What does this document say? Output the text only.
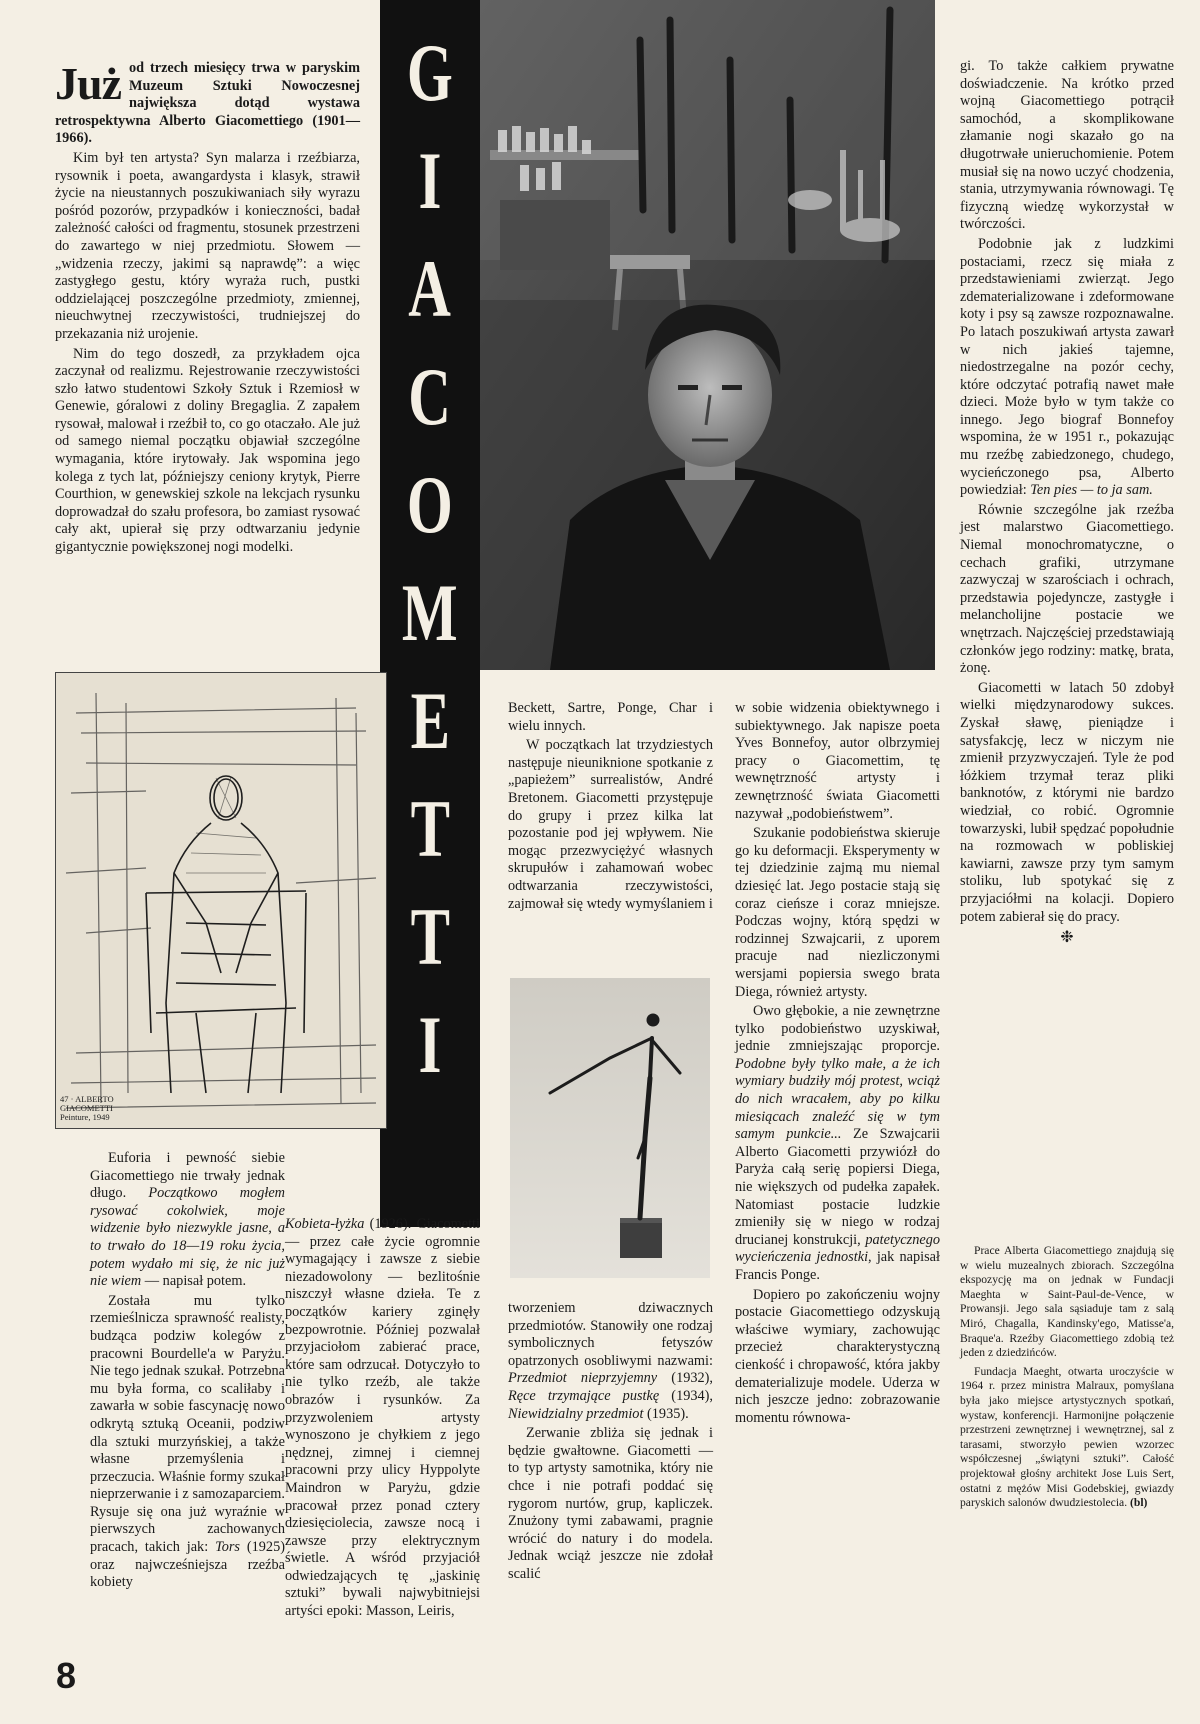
Już od trzech miesięcy trwa w paryskim Muzeum Sztuki Nowoczesnej największa dotąd wystawa retrospektywna Alberto Giacomettiego (1901—1966).

Kim był ten artysta? Syn malarza i rzeźbiarza, rysownik i poeta, awangardysta i klasyk, strawił życie na nieustannych poszukiwaniach siły wyrazu pośród pozorów, przypadków i konieczności, badał zależność całości od fragmentu, stosunek przestrzeni do zawartego w niej przedmiotu. Słowem — „widzenia rzeczy, jakimi są naprawdę”: a więc zastygłego gestu, który wyraża ruch, pustki oddzielającej poszczególne przedmioty, zmiennej, nieuchwytnej rzeczywistości, trudniejszej do przekazania niż urojenie.

Nim do tego doszedł, za przykładem ojca zaczynał od realizmu. Rejestrowanie rzeczywistości szło łatwo studentowi Szkoły Sztuk i Rzemiosł w Genewie, góralowi z doliny Bregaglia. Z zapałem rysował, malował i rzeźbił to, co go otaczało. Ale już od samego niemal początku objawiał szczególne wymagania, które irytowały. Jak wspomina jego kolega z tych lat, późniejszy ceniony krytyk, Pierre Courthion, w genewskiej szkole na lekcjach rysunku doprowadzał do szału profesora, bo zamiast rysować cały akt, upierał się przy odtwarzaniu jedynie gigantycznie powiększonej nogi modelki.

G
I
A
C
O
M
E
T
T
I

gi. To także całkiem prywatne doświadczenie. Na krótko przed wojną Giacomettiego potrącił samochód, a skomplikowane złamanie nogi skazało go na długotrwałe unieruchomienie. Potem musiał się na nowo uczyć chodzenia, stania, utrzymywania równowagi. Tę fizyczną wiedzę wykorzystał w twórczości.

Podobnie jak z ludzkimi postaciami, rzecz się miała z przedstawieniami zwierząt. Jego zdematerializowane i zdeformowane koty i psy są zawsze rozpoznawalne. Po latach poszukiwań artysta zawarł w nich jakieś tajemne, niedostrzegalne na pozór cechy, które odczytać potrafią nawet małe dzieci. Może było w tym także co innego. Jego biograf Bonnefoy wspomina, że w 1951 r., pokazując mu rzeźbę zabiedzonego, chudego, wycieńczonego psa, Alberto powiedział: Ten pies — to ja sam.

Równie szczególne jak rzeźba jest malarstwo Giacomettiego. Niemal monochromatyczne, o cechach grafiki, utrzymane zazwyczaj w szarościach i ochrach, przedstawia pojedyncze, zastygłe i melancholijne postacie we wnętrzach. Najczęściej przedstawiają członków jego rodziny: matkę, brata, żonę.

Giacometti w latach 50 zdobył wielki międzynarodowy sukces. Zyskał sławę, pieniądze i satysfakcję, lecz w niczym nie zmienił przyzwyczajeń. Tyle że pod łóżkiem trzymał teraz pliki banknotów, z którymi nie bardzo wiedział, co robić. Ogromnie towarzyski, lubił spędzać popołudnie na rozmowach w pobliskiej kawiarni, zawsze przy tym samym stoliku, lub spotykać się z przyjaciółmi na kolacji. Dopiero potem zabierał się do pracy.

❉

Prace Alberta Giacomettiego znajdują się w wielu muzealnych zbiorach. Szczególna ekspozycję ma on jednak w Fundacji Maeghta w Saint-Paul-de-Vence, w Prowansji. Jego sala sąsiaduje tam z salą Miró, Chagalla, Kandinsky'ego, Matisse'a, Braque'a. Rzeźby Giacomettiego zdobią też jeden z dziedzińców.

Fundacja Maeght, otwarta uroczyście w 1964 r. przez ministra Malraux, pomyślana była jako miejsce artystycznych spotkań, wystaw, konferencji. Harmonijne połączenie przestrzeni zewnętrznej i wewnętrznej, sal z tarasami, stworzyło pewien wzorzec współczesnej „świątyni sztuki”. Całość projektował głośny architekt Jose Luis Sert, ostatni z mężów Misi Godebskiej, gwiazdy paryskich salonów dwudziestolecia. (bl)

47 · ALBERTO
GIACOMETTI
Peinture, 1949

Beckett, Sartre, Ponge, Char i wielu innych.

W początkach lat trzydziestych następuje nieuniknione spotkanie z „papieżem” surrealistów, André Bretonem. Giacometti przystępuje do grupy i przez kilka lat pozostanie pod jej wpływem. Nie mogąc przezwyciężyć własnych skrupułów i zahamowań wobec odtwarzania rzeczywistości, zajmował się wtedy wymyślaniem i

tworzeniem dziwacznych przedmiotów. Stanowiły one rodzaj symbolicznych fetyszów opatrzonych osobliwymi nazwami: Przedmiot nieprzyjemny (1932), Ręce trzymające pustkę (1934), Niewidzialny przedmiot (1935).

Zerwanie zbliża się jednak i będzie gwałtowne. Giacometti — to typ artysty samotnika, który nie chce i nie potrafi poddać się rygorom nurtów, grup, kapliczek. Znużony tymi zabawami, pragnie wrócić do natury i do modela. Jednak wciąż jeszcze nie zdołał scalić

w sobie widzenia obiektywnego i subiektywnego. Jak napisze poeta Yves Bonnefoy, autor olbrzymiej pracy o Giacomettim, tę wewnętrzność artysty i zewnętrzność świata Giacometti nazywał „podobieństwem”.

Szukanie podobieństwa skieruje go ku deformacji. Eksperymenty w tej dziedzinie zajmą mu niemal dziesięć lat. Jego postacie stają się coraz cieńsze i coraz mniejsze. Podczas wojny, którą spędzi w rodzinnej Szwajcarii, z uporem pracuje nad niezliczonymi wersjami popiersia swego brata Diega, również artysty.

Owo głębokie, a nie zewnętrzne tylko podobieństwo uzyskiwał, jednie zmniejszając proporcje. Podobne były tylko małe, a że ich wymiary budziły mój protest, wciąż do nich wracałem, aby po kilku miesiącach znaleźć się w tym samym punkcie... Ze Szwajcarii Alberto Giacometti przywiózł do Paryża całą serię popiersi Diega, nie większych od pudełka zapałek. Natomiast postacie ludzkie zmieniły się w niego w rodzaj drucianej konstrukcji, patetycznego wycieńczenia jednostki, jak napisał Francis Ponge.

Dopiero po zakończeniu wojny postacie Giacomettiego odzyskują właściwe wymiary, zachowując przecież charakterystyczną cienkość i chropawość, która jakby dematerializuje modele. Uderza w nich jeszcze jedno: zobrazowanie momentu równowa-

Euforia i pewność siebie Giacomettiego nie trwały jednak długo. Początkowo mogłem rysować cokolwiek, moje widzenie było niezwykle jasne, a to trwało do 18—19 roku życia, potem wydało mi się, że nic już nie wiem — napisał potem.

Została mu tylko rzemieślnicza sprawność realisty, budząca podziw kolegów z pracowni Bourdelle'a w Paryżu. Nie tego jednak szukał. Potrzebna mu była forma, co scaliłaby i zawarła w sobie fascynację nowo odkrytą sztuką Oceanii, podziw dla sztuki murzyńskiej, a także własne przemyślenia i przeczucia. Właśnie formy szukał nieprzerwanie i z samozaparciem. Rysuje się ona już wyraźnie w pierwszych zachowanych pracach, takich jak: Tors (1925) oraz najwcześniejsza rzeźba kobiety

Kobieta-łyżka (1926). Giacometti — przez całe życie ogromnie wymagający i zawsze z siebie niezadowolony — bezlitośnie niszczył własne dzieła. Te z początków kariery zginęły bezpowrotnie. Później pozwalał przyjaciołom zabierać prace, które sam odrzucał. Dotyczyło to nie tylko rzeźb, ale także obrazów i rysunków. Za przyzwoleniem artysty wynoszono je chyłkiem z jego nędznej, zimnej i ciemnej pracowni przy ulicy Hyppolyte Maindron w Paryżu, gdzie pracował przez ponad cztery dziesięciolecia, zawsze nocą i zawsze przy elektrycznym świetle. A wśród przyjaciół odwiedzających tę „jaskinię sztuki” bywali najwybitniejsi artyści epoki: Masson, Leiris,

8
